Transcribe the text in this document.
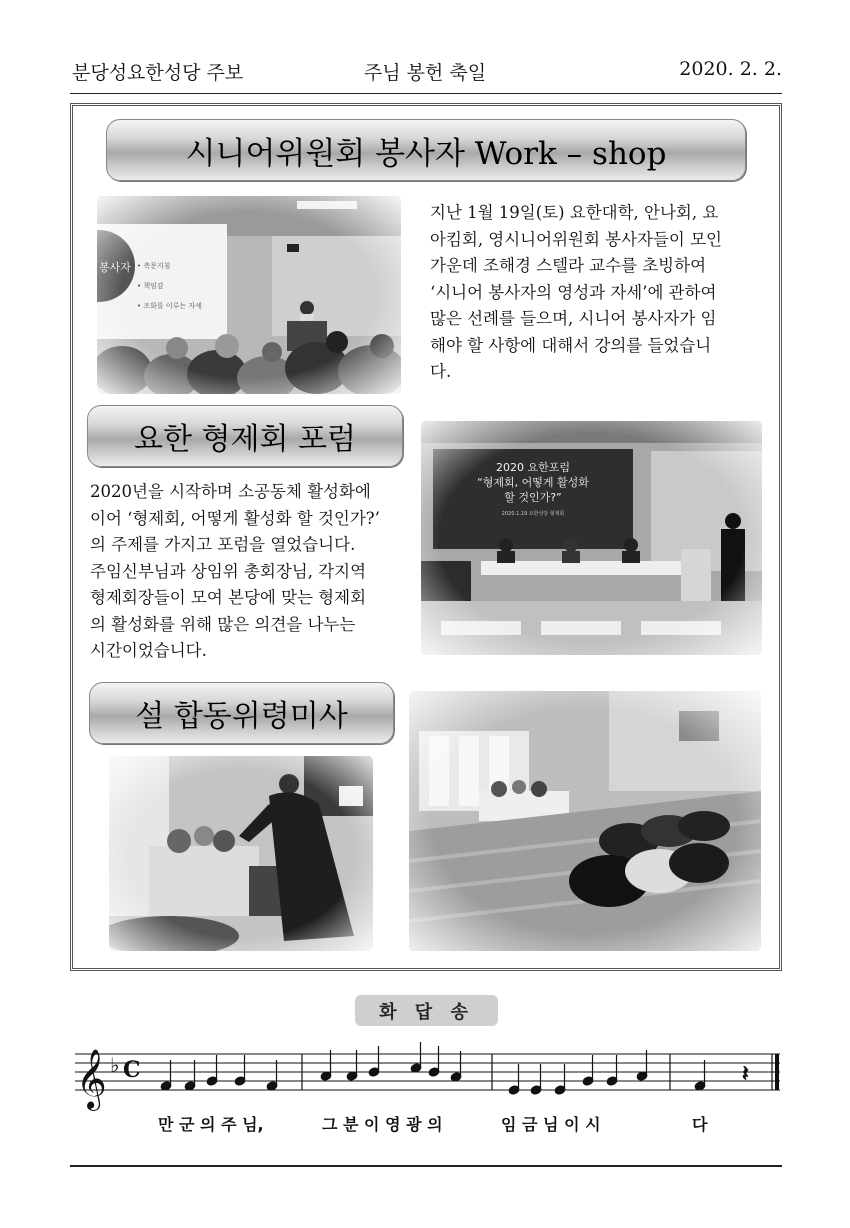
분당성요한성당 주보	주님 봉헌 축일	2020. 2. 2.
시니어위원회 봉사자 Work – shop
지난 1월 19일(토) 요한대학, 안나회, 요
아킴회, 영시니어위원회 봉사자들이 모인
가운데 조해경 스텔라 교수를 초빙하여
‘시니어 봉사자의 영성과 자세’에 관하여
많은 선례를 들으며, 시니어 봉사자가 임
해야 할 사항에 대해서 강의를 들었습니
다.
요한 형제회 포럼
2020년을 시작하며 소공동체 활성화에
이어 ‘형제회, 어떻게 활성화 할 것인가?’
의 주제를 가지고 포럼을 열었습니다.
주임신부님과 상임위 총회장님, 각지역
형제회장들이 모여 본당에 맞는 형제회
의 활성화를 위해 많은 의견을 나누는
시간이었습니다.
설 합동위령미사
화 답 송
𝄞 ♭ C	𝄽
만 군 의 주 님,	그 분 이 영 광 의	임 금 님 이 시	다
